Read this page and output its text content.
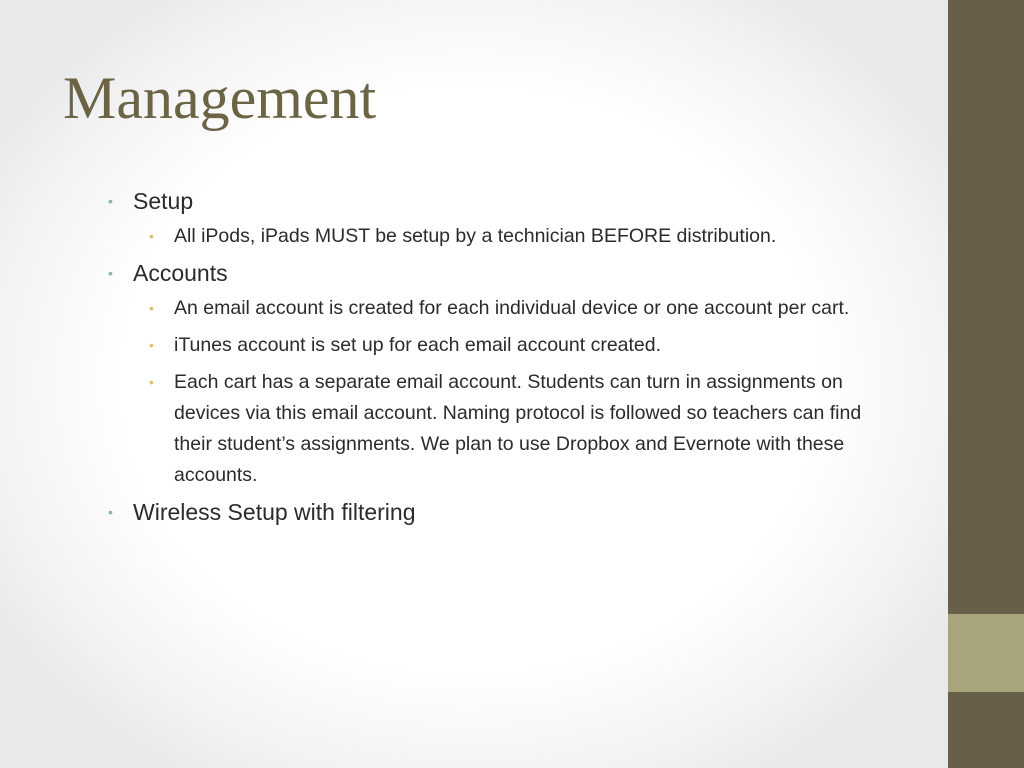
Management
• Setup
• All iPods, iPads MUST be setup by a technician BEFORE distribution.
• Accounts
• An email account is created for each individual device or one account per cart.
• iTunes account is set up for each email account created.
• Each cart has a separate email account. Students can turn in assignments on devices via this email account. Naming protocol is followed so teachers can find their student’s assignments. We plan to use Dropbox and Evernote with these accounts.
• Wireless Setup with filtering
